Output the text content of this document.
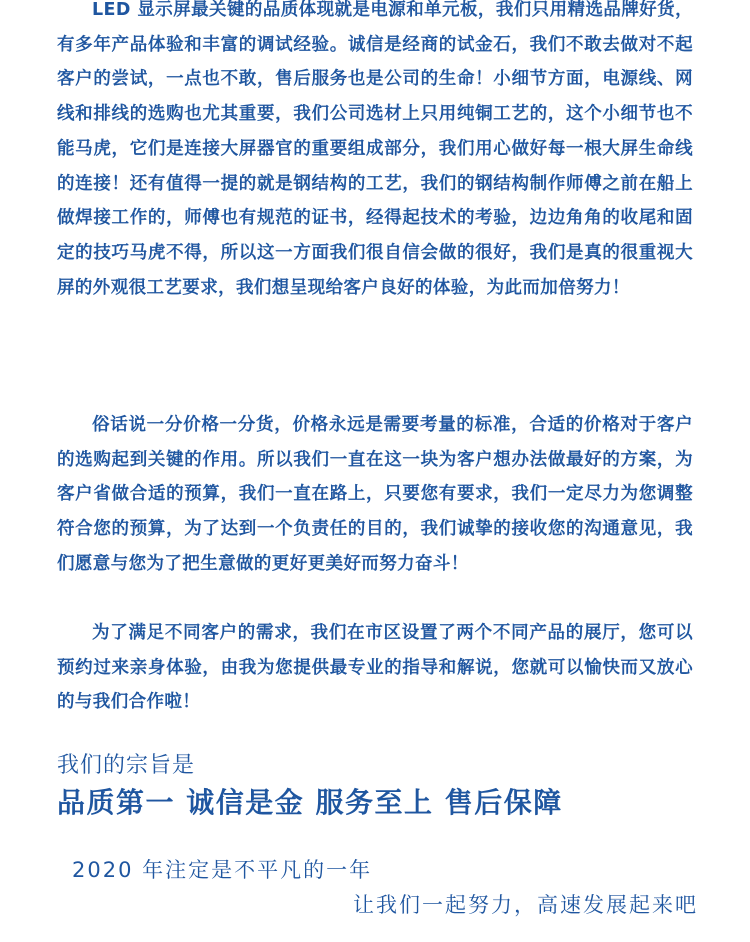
LED 显示屏最关键的品质体现就是电源和单元板，我们只用精选品牌好货，有多年产品体验和丰富的调试经验。诚信是经商的试金石，我们不敢去做对不起客户的尝试，一点也不敢，售后服务也是公司的生命！小细节方面，电源线、网线和排线的选购也尤其重要，我们公司选材上只用纯铜工艺的，这个小细节也不能马虎，它们是连接大屏器官的重要组成部分，我们用心做好每一根大屏生命线的连接！还有值得一提的就是钢结构的工艺，我们的钢结构制作师傅之前在船上做焊接工作的，师傅也有规范的证书，经得起技术的考验，边边角角的收尾和固定的技巧马虎不得，所以这一方面我们很自信会做的很好，我们是真的很重视大屏的外观很工艺要求，我们想呈现给客户良好的体验，为此而加倍努力！

俗话说一分价格一分货，价格永远是需要考量的标准，合适的价格对于客户的选购起到关键的作用。所以我们一直在这一块为客户想办法做最好的方案，为客户省做合适的预算，我们一直在路上，只要您有要求，我们一定尽力为您调整符合您的预算，为了达到一个负责任的目的，我们诚挚的接收您的沟通意见，我们愿意与您为了把生意做的更好更美好而努力奋斗！

为了满足不同客户的需求，我们在市区设置了两个不同产品的展厅，您可以预约过来亲身体验，由我为您提供最专业的指导和解说，您就可以愉快而又放心的与我们合作啦！

我们的宗旨是

品质第一 诚信是金 服务至上 售后保障

2020 年注定是不平凡的一年

让我们一起努力，高速发展起来吧
